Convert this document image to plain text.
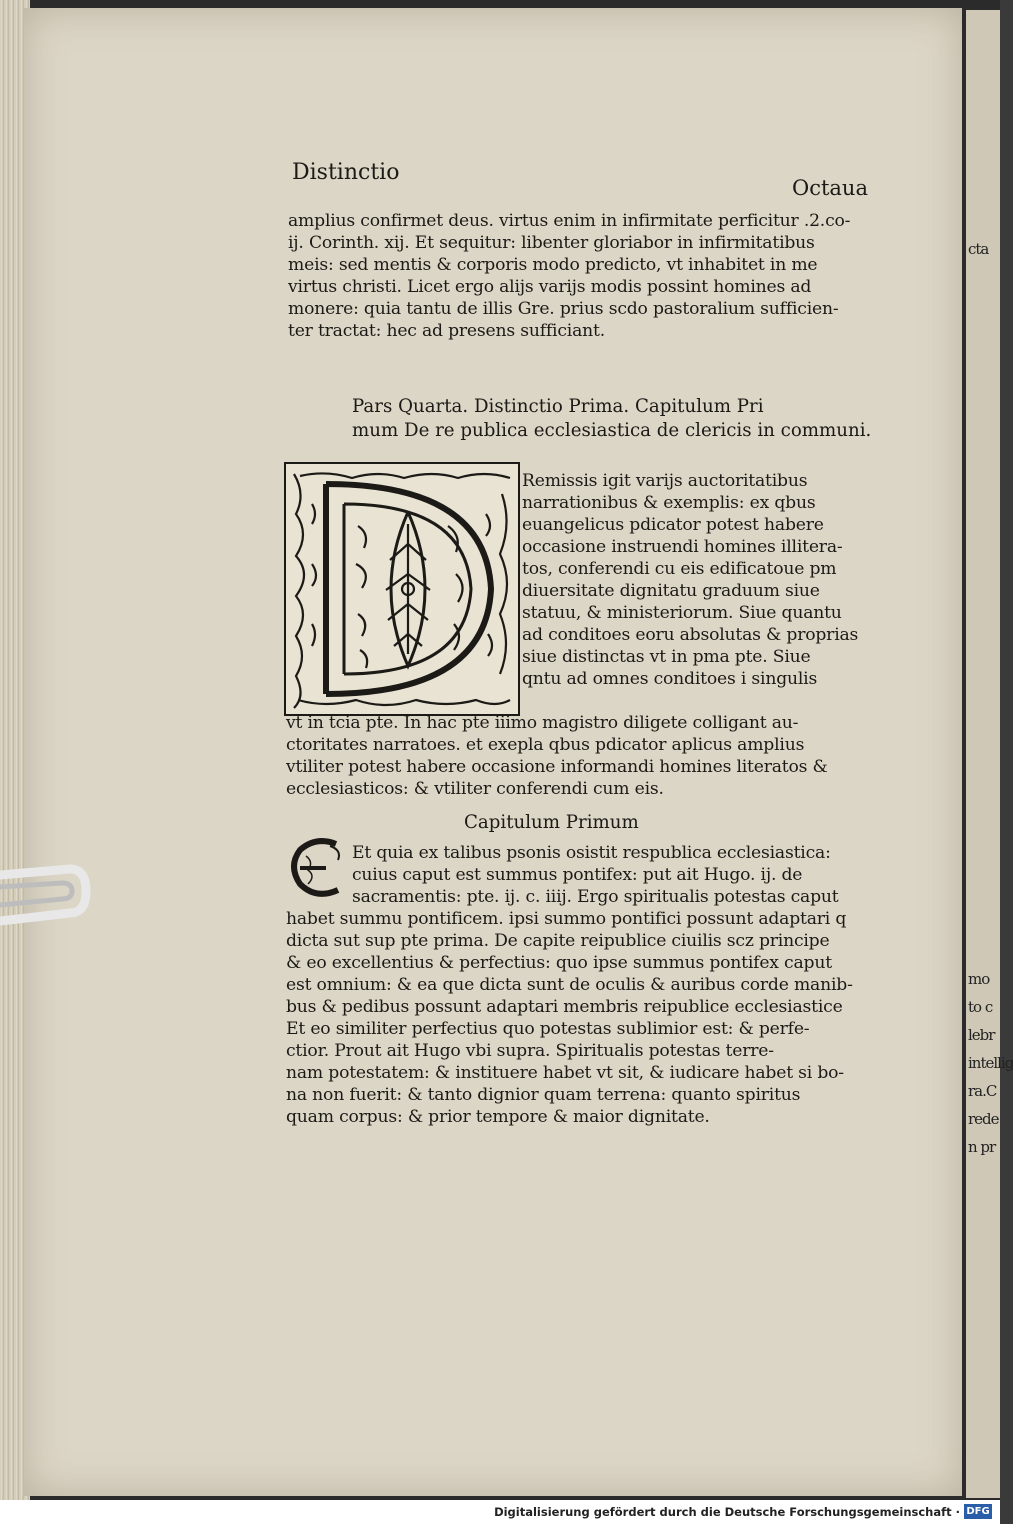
cta
mo
to c
lebr
intellig
ra.C
rede
n pr
Distinctio
Octaua
amplius confirmet deus. virtus enim in infirmitate perficitur .2.co-
ij. Corinth. xij. Et sequitur: libenter gloriabor in infirmitatibus
meis: sed mentis & corporis modo predicto, vt inhabitet in me
virtus christi. Licet ergo alijs varijs modis possint homines ad
monere: quia tantu de illis Gre. prius scdo pastoralium sufficien-
ter tractat: hec ad presens sufficiant.
Pars Quarta. Distinctio Prima. Capitulum Pri
mum De re publica ecclesiastica de clericis in communi.
Remissis igit varijs auctoritatibus
narrationibus & exemplis: ex qbus
euangelicus pdicator potest habere
occasione instruendi homines illitera-
tos, conferendi cu eis edificatoue pm
diuersitate dignitatu graduum siue
statuu, & ministeriorum. Siue quantu
ad conditoes eoru absolutas & proprias
siue distinctas vt in pma pte. Siue
qntu ad omnes conditoes i singulis
vt in tcia pte. In hac pte iiimo magistro diligete colligant au-
ctoritates narratoes. et exepla qbus pdicator aplicus amplius
vtiliter potest habere occasione informandi homines literatos &
ecclesiasticos: & vtiliter conferendi cum eis.
Capitulum Primum
Et quia ex talibus psonis osistit respublica ecclesiastica:
cuius caput est summus pontifex: put ait Hugo. ij. de
sacramentis: pte. ij. c. iiij. Ergo spiritualis potestas caput
habet summu pontificem. ipsi summo pontifici possunt adaptari q
dicta sut sup pte prima. De capite reipublice ciuilis scz principe
& eo excellentius & perfectius: quo ipse summus pontifex caput
est omnium: & ea que dicta sunt de oculis & auribus corde manib-
bus & pedibus possunt adaptari membris reipublice ecclesiastice
Et eo similiter perfectius quo potestas sublimior est: & perfe-
ctior. Prout ait Hugo vbi supra. Spiritualis potestas terre-
nam potestatem: & instituere habet vt sit, & iudicare habet si bo-
na non fuerit: & tanto dignior quam terrena: quanto spiritus
quam corpus: & prior tempore & maior dignitate.
Digitalisierung gefördert durch die Deutsche Forschungsgemeinschaft · DFG
